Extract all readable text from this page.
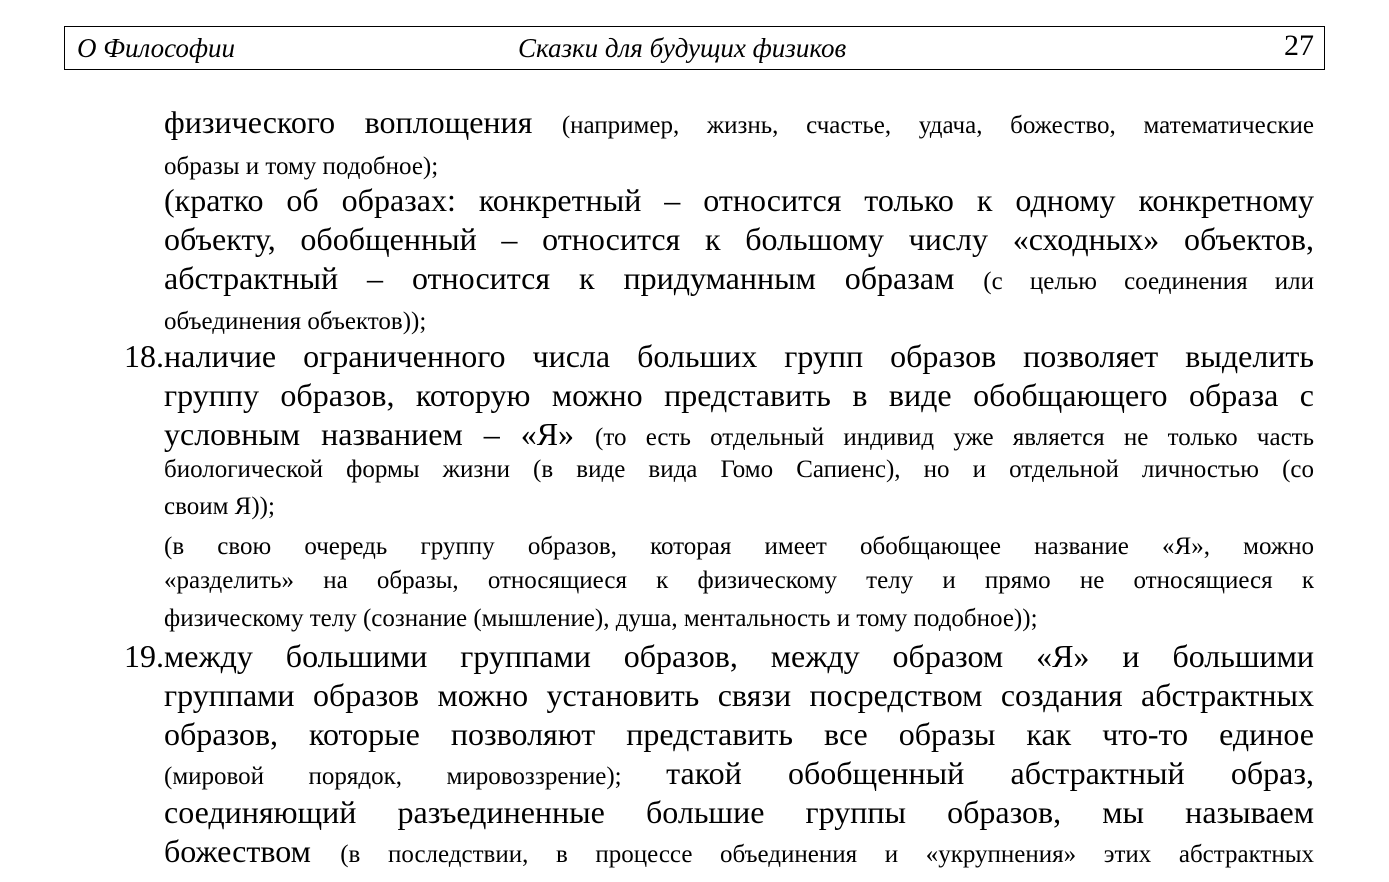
О Философии	Сказки для будущих физиков	27
физического воплощения (например, жизнь, счастье, удача, божество, математические
образы и тому подобное);
(кратко об образах: конкретный – относится только к одному конкретному
объекту, обобщенный – относится к большому числу «сходных» объектов,
абстрактный – относится к придуманным образам (с целью соединения или
объединения объектов));
18. наличие ограниченного числа больших групп образов позволяет выделить
группу образов, которую можно представить в виде обобщающего образа с
условным названием – «Я» (то есть отдельный индивид уже является не только часть
биологической формы жизни (в виде вида Гомо Сапиенс), но и отдельной личностью (со
своим Я));
(в свою очередь группу образов, которая имеет обобщающее название «Я», можно
«разделить» на образы, относящиеся к физическому телу и прямо не относящиеся к
физическому телу (сознание (мышление), душа, ментальность и тому подобное));
19. между большими группами образов, между образом «Я» и большими
группами образов можно установить связи посредством создания абстрактных
образов, которые позволяют представить все образы как что-то единое
(мировой порядок, мировоззрение); такой обобщенный абстрактный образ,
соединяющий разъединенные большие группы образов, мы называем
божеством (в последствии, в процессе объединения и «укрупнения» этих абстрактных
